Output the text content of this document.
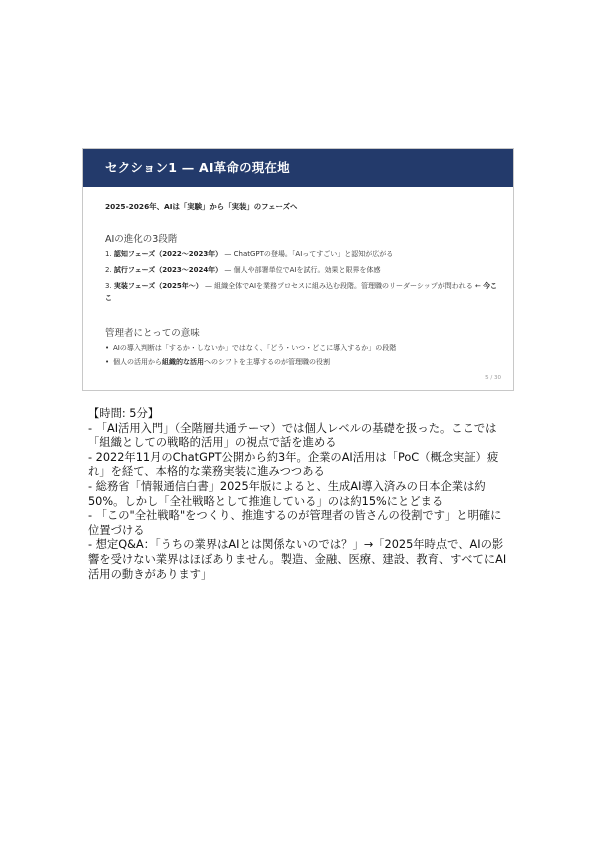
セクション1 — AI革命の現在地
2025-2026年、AIは「実験」から「実装」のフェーズへ
AIの進化の3段階
1. 認知フェーズ（2022〜2023年） — ChatGPTの登場。「AIってすごい」と認知が広がる
2. 試行フェーズ（2023〜2024年） — 個人や部署単位でAIを試行。効果と限界を体感
3. 実装フェーズ（2025年〜） — 組織全体でAIを業務プロセスに組み込む段階。管理職のリーダーシップが問われる ← 今ここ
管理者にとっての意味
• AIの導入判断は「するか・しないか」ではなく、「どう・いつ・どこに導入するか」の段階
• 個人の活用から組織的な活用へのシフトを主導するのが管理職の役割
5 / 30
【時間: 5分】
- 「AI活用入門」（全階層共通テーマ）では個人レベルの基礎を扱った。ここでは「組織としての戦略的活用」の視点で話を進める
- 2022年11月のChatGPT公開から約3年。企業のAI活用は「PoC（概念実証）疲れ」を経て、本格的な業務実装に進みつつある
- 総務省「情報通信白書」2025年版によると、生成AI導入済みの日本企業は約50%。しかし「全社戦略として推進している」のは約15%にとどまる
- 「この"全社戦略"をつくり、推進するのが管理者の皆さんの役割です」と明確に位置づける
- 想定Q&A：「うちの業界はAIとは関係ないのでは？」→「2025年時点で、AIの影響を受けない業界はほぼありません。製造、金融、医療、建設、教育、すべてにAI活用の動きがあります」
